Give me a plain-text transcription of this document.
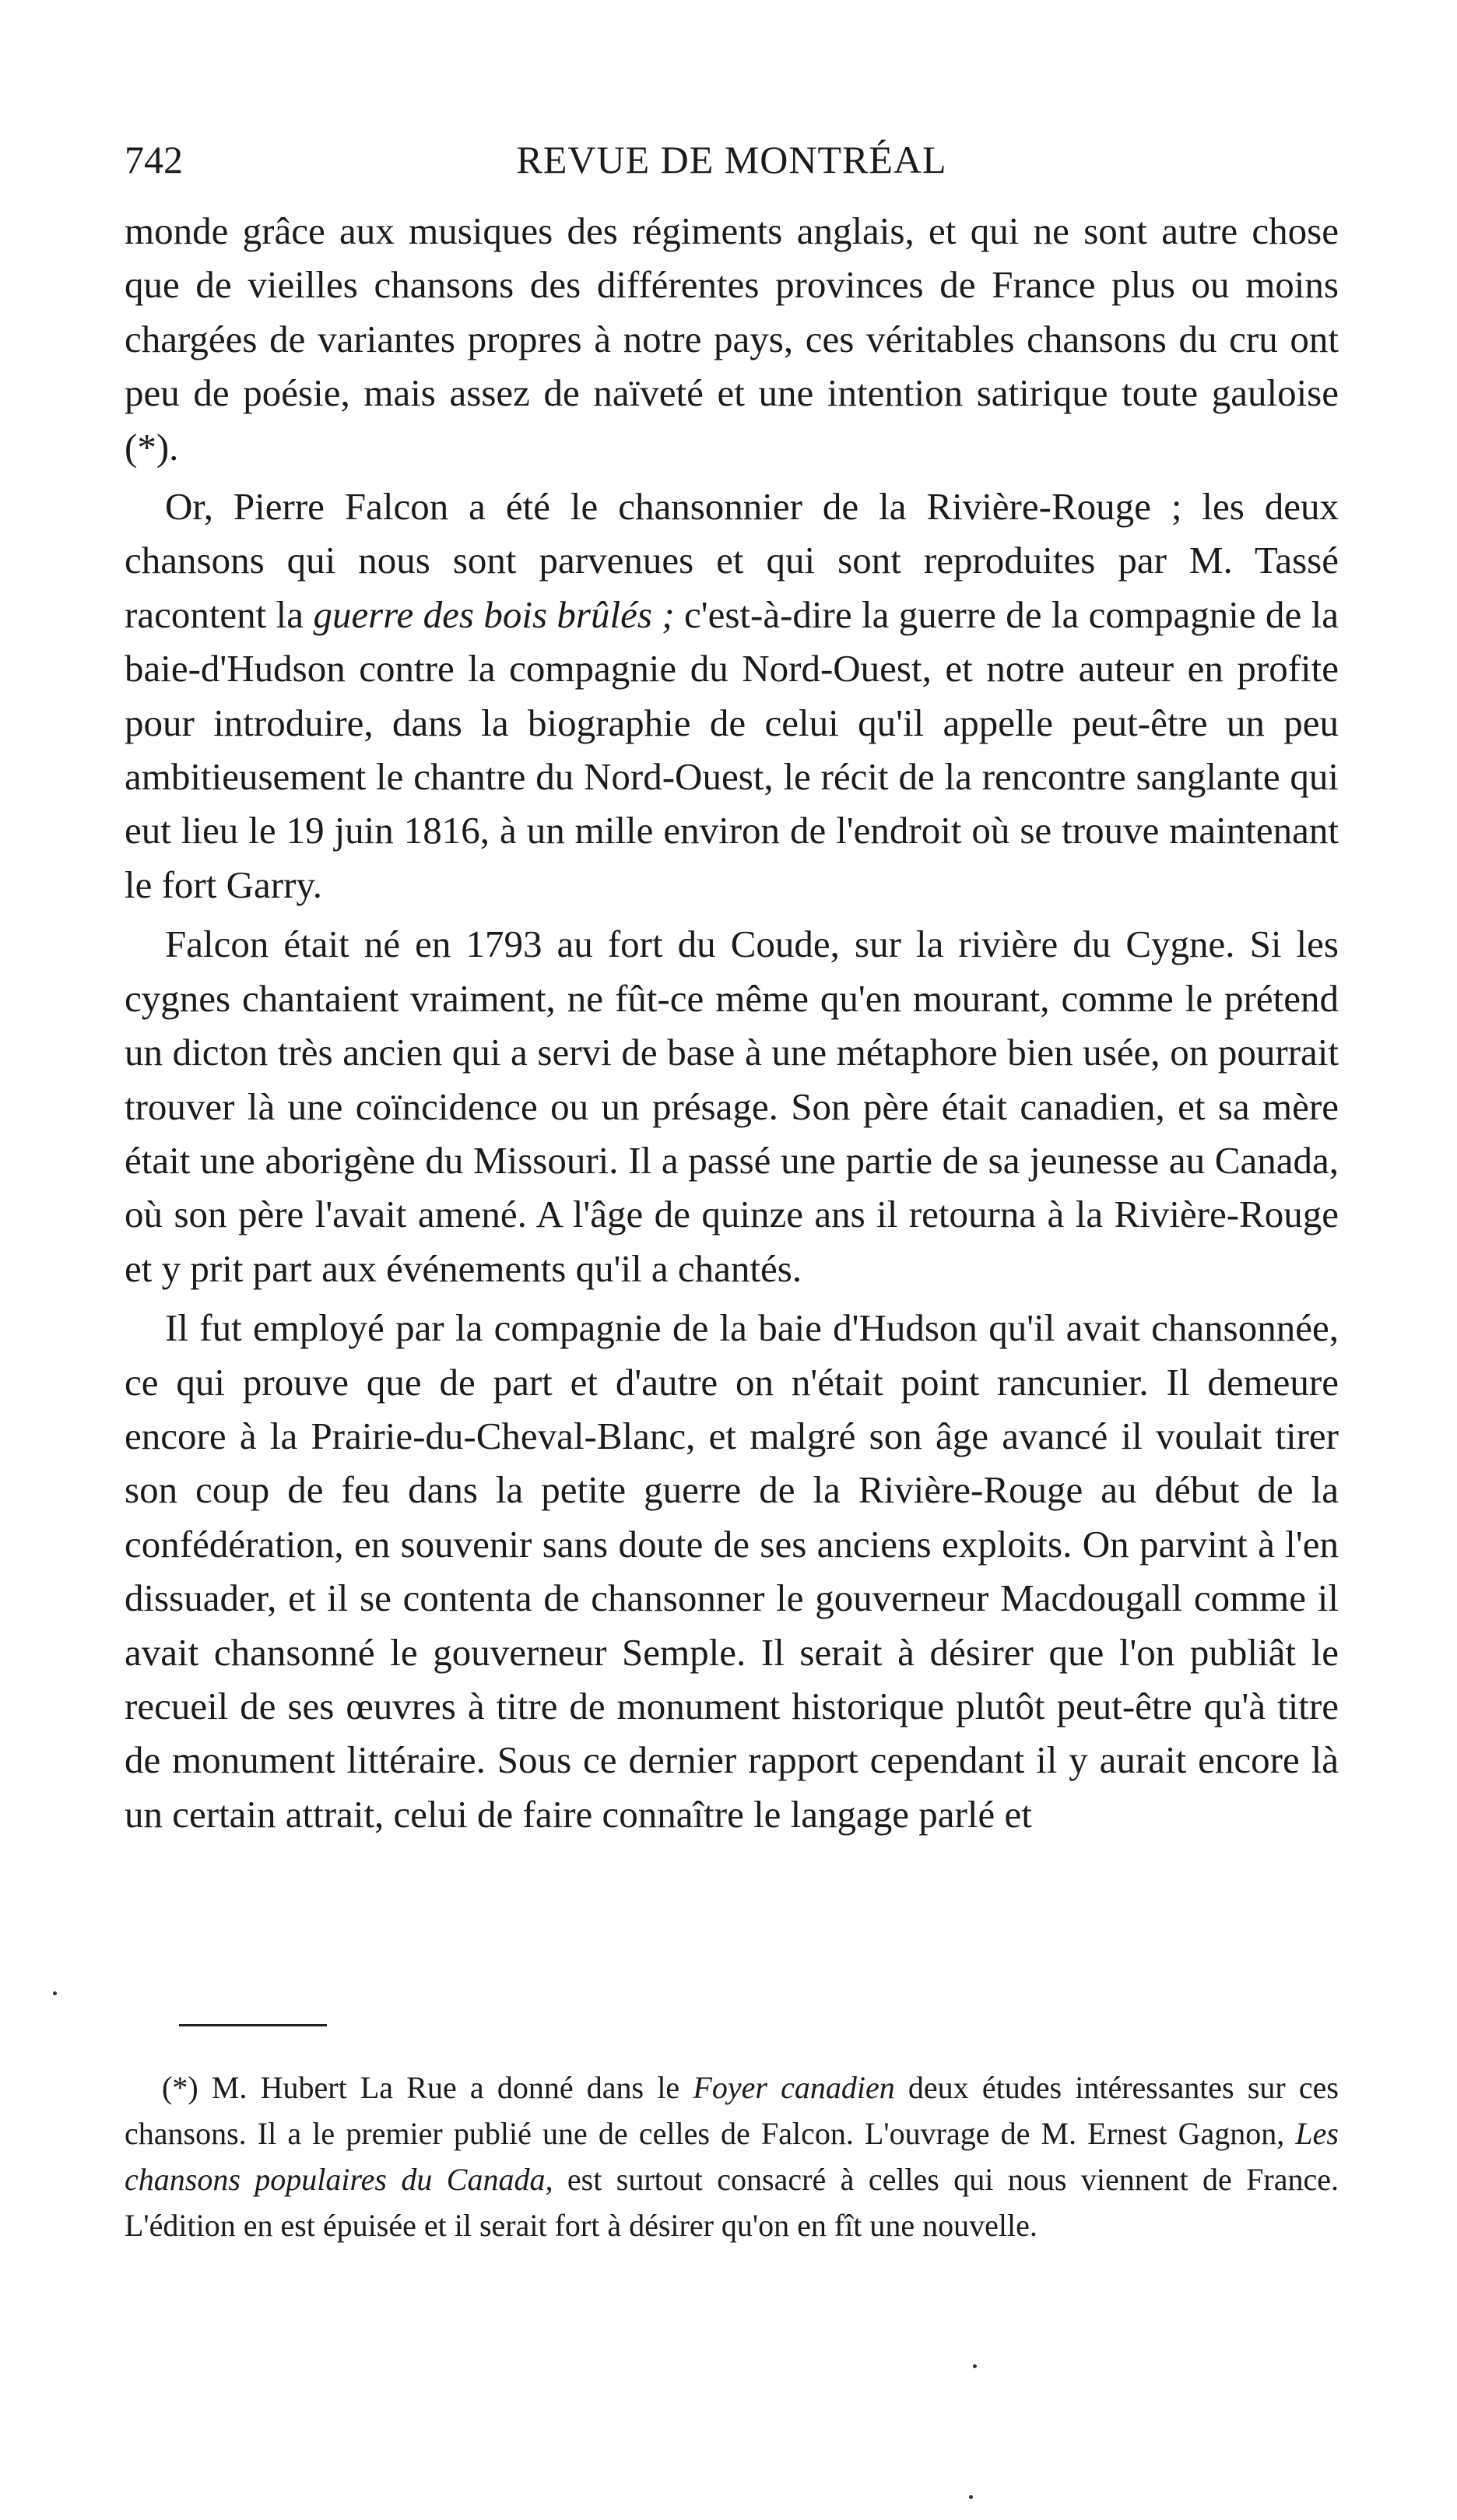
742	REVUE DE MONTRÉAL

monde grâce aux musiques des régiments anglais, et qui ne sont autre chose que de vieilles chansons des différentes provinces de France plus ou moins chargées de variantes propres à notre pays, ces véritables chansons du cru ont peu de poésie, mais assez de naïveté et une intention satirique toute gauloise (*).

Or, Pierre Falcon a été le chansonnier de la Rivière-Rouge ; les deux chansons qui nous sont parvenues et qui sont reproduites par M. Tassé racontent la guerre des bois brûlés ; c'est-à-dire la guerre de la compagnie de la baie-d'Hudson contre la compagnie du Nord-Ouest, et notre auteur en profite pour introduire, dans la biographie de celui qu'il appelle peut-être un peu ambitieusement le chantre du Nord-Ouest, le récit de la rencontre sanglante qui eut lieu le 19 juin 1816, à un mille environ de l'endroit où se trouve maintenant le fort Garry.

Falcon était né en 1793 au fort du Coude, sur la rivière du Cygne. Si les cygnes chantaient vraiment, ne fût-ce même qu'en mourant, comme le prétend un dicton très ancien qui a servi de base à une métaphore bien usée, on pourrait trouver là une coïncidence ou un présage. Son père était canadien, et sa mère était une aborigène du Missouri. Il a passé une partie de sa jeunesse au Canada, où son père l'avait amené. A l'âge de quinze ans il retourna à la Rivière-Rouge et y prit part aux événements qu'il a chantés.

Il fut employé par la compagnie de la baie d'Hudson qu'il avait chansonnée, ce qui prouve que de part et d'autre on n'était point rancunier. Il demeure encore à la Prairie-du-Cheval-Blanc, et malgré son âge avancé il voulait tirer son coup de feu dans la petite guerre de la Rivière-Rouge au début de la confédération, en souvenir sans doute de ses anciens exploits. On parvint à l'en dissuader, et il se contenta de chansonner le gouverneur Macdougall comme il avait chansonné le gouverneur Semple. Il serait à désirer que l'on publiât le recueil de ses œuvres à titre de monument historique plutôt peut-être qu'à titre de monument littéraire. Sous ce dernier rapport cependant il y aurait encore là un certain attrait, celui de faire connaître le langage parlé et

(*) M. Hubert La Rue a donné dans le Foyer canadien deux études intéressantes sur ces chansons. Il a le premier publié une de celles de Falcon. L'ouvrage de M. Ernest Gagnon, Les chansons populaires du Canada, est surtout consacré à celles qui nous viennent de France. L'édition en est épuisée et il serait fort à désirer qu'on en fît une nouvelle.
